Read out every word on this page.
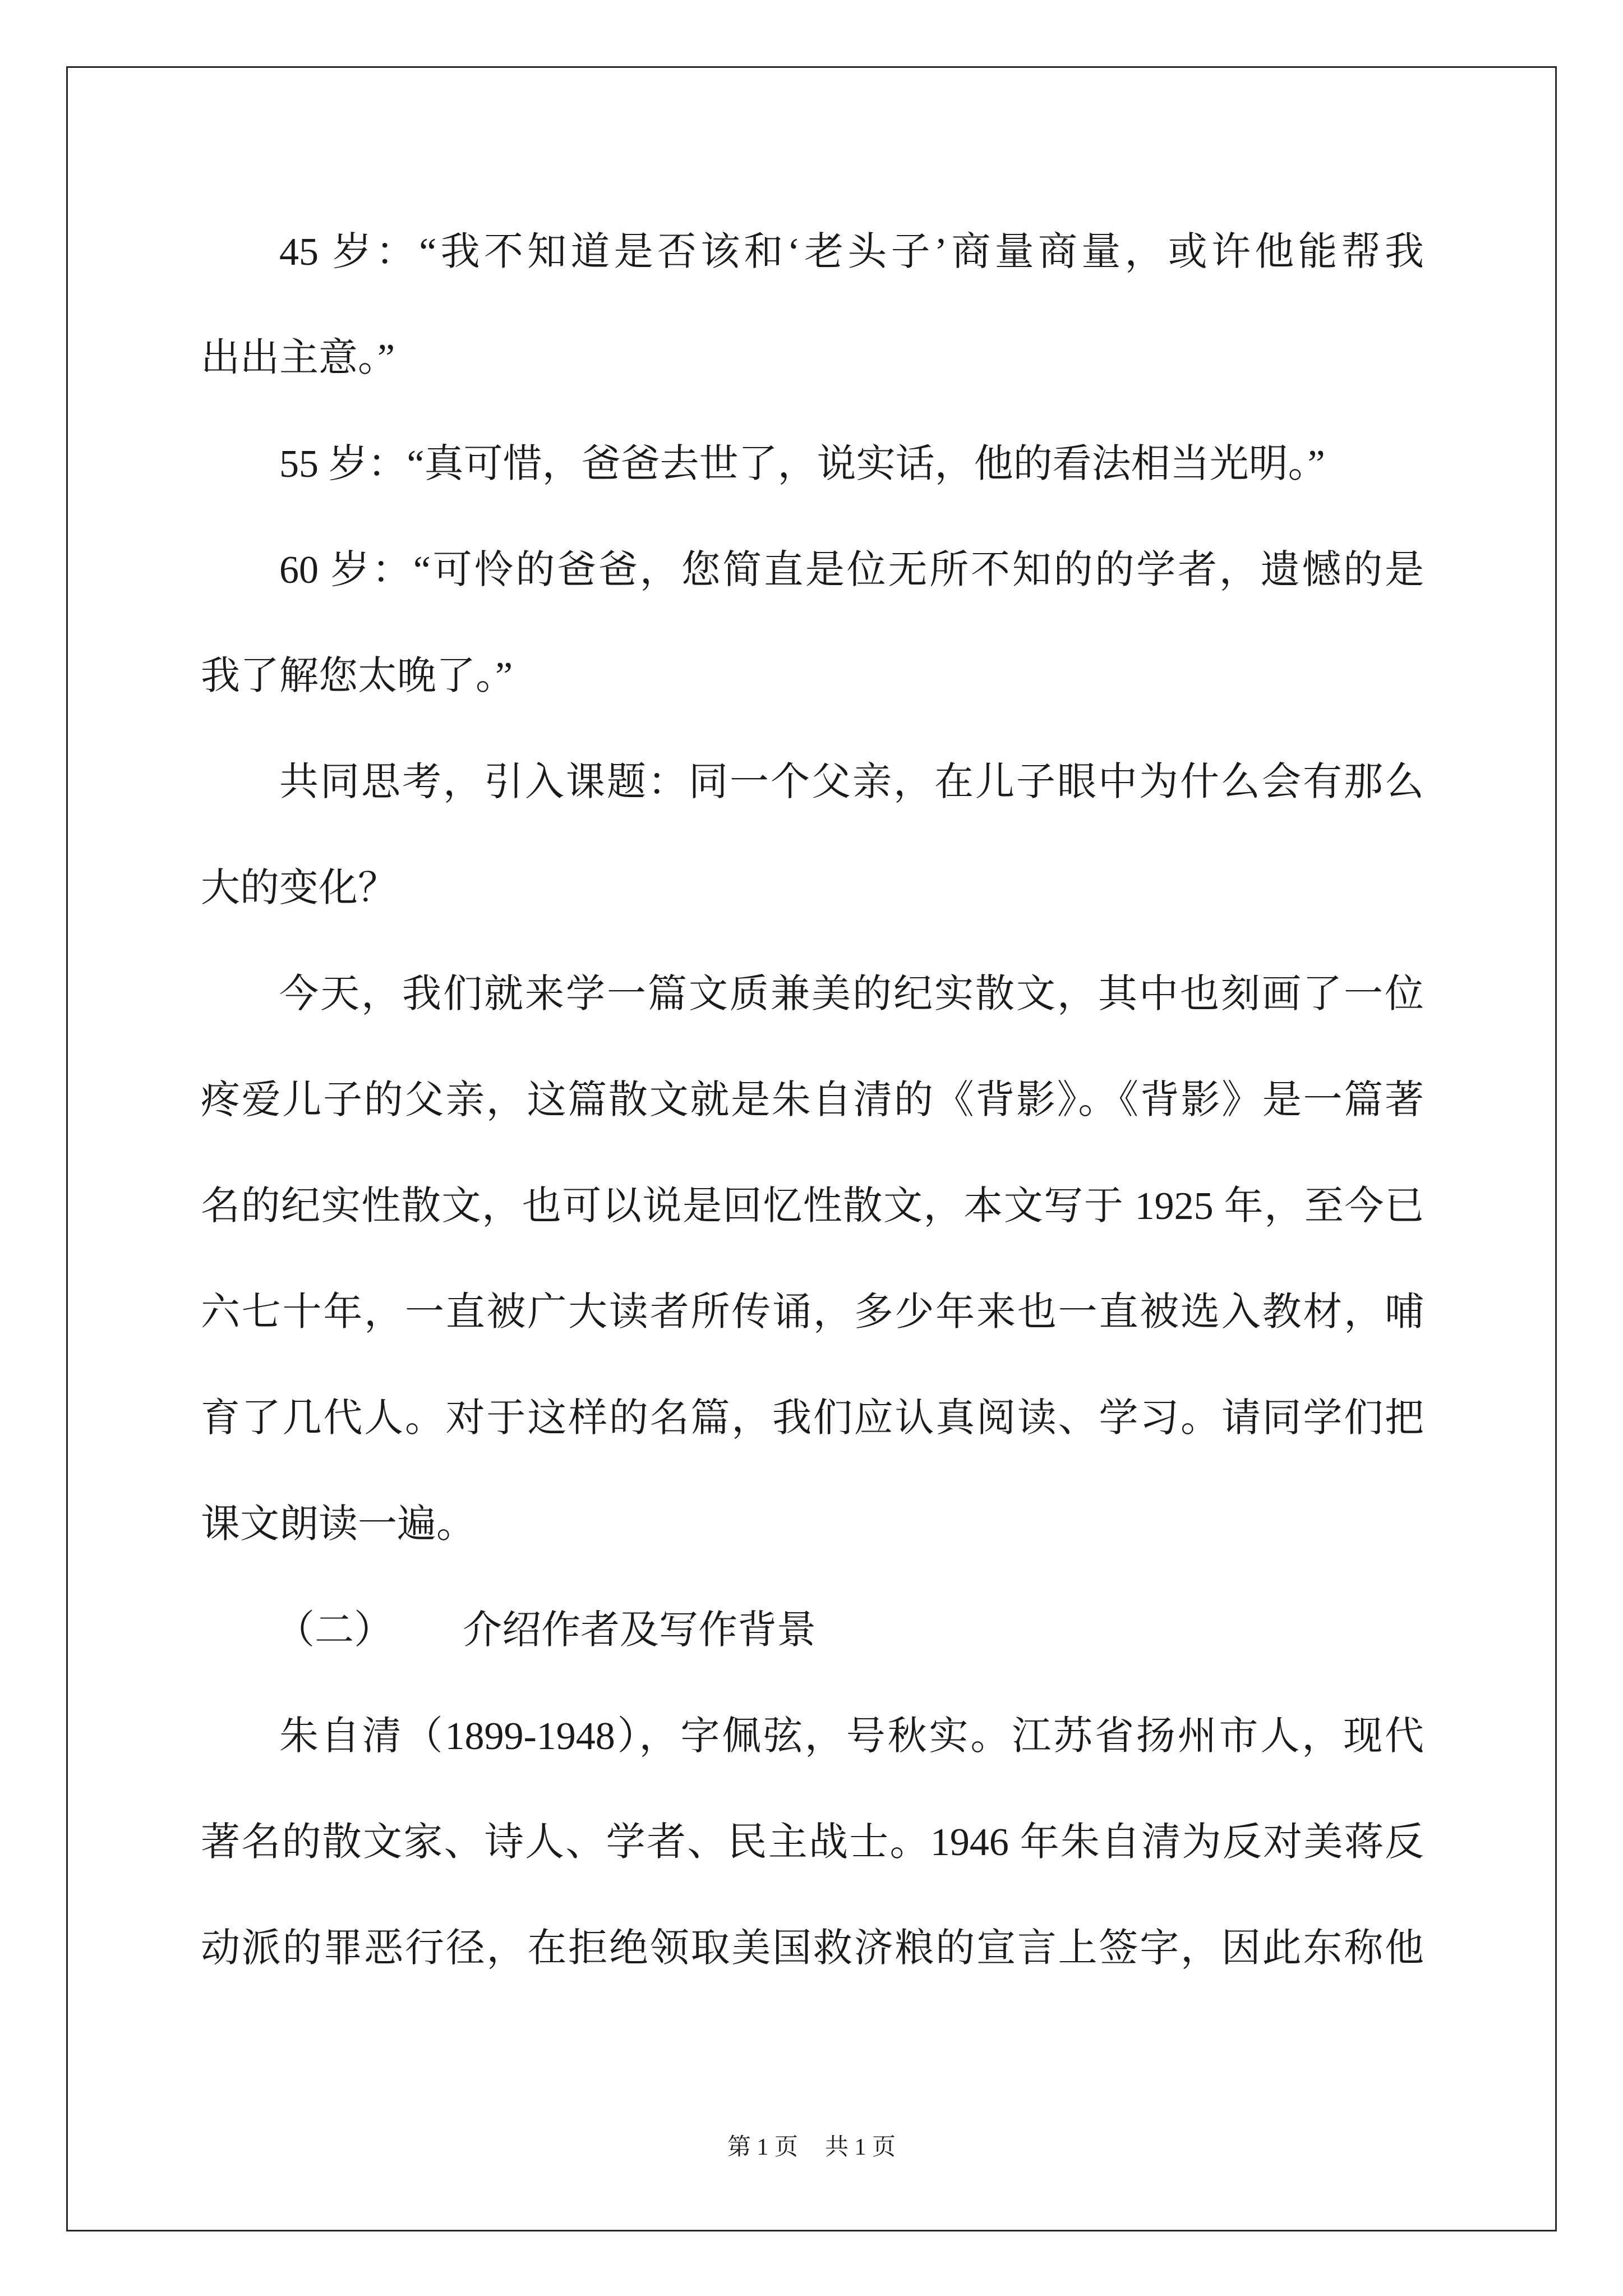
45 岁：“我不知道是否该和‘老头子’商量商量，或许他能帮我
出出主意。”
55 岁：“真可惜，爸爸去世了，说实话，他的看法相当光明。”
60 岁：“可怜的爸爸，您简直是位无所不知的的学者，遗憾的是
我了解您太晚了。”
共同思考，引入课题：同一个父亲，在儿子眼中为什么会有那么
大的变化？
今天，我们就来学一篇文质兼美的纪实散文，其中也刻画了一位
疼爱儿子的父亲，这篇散文就是朱自清的《背影》。《背影》是一篇著
名的纪实性散文，也可以说是回忆性散文，本文写于 1925 年，至今已
六七十年，一直被广大读者所传诵，多少年来也一直被选入教材，哺
育了几代人。对于这样的名篇，我们应认真阅读、学习。请同学们把
课文朗读一遍。
（二） 介绍作者及写作背景
朱自清（1899-1948），字佩弦，号秋实。江苏省扬州市人，现代
著名的散文家、诗人、学者、民主战士。1946 年朱自清为反对美蒋反
动派的罪恶行径，在拒绝领取美国救济粮的宣言上签字，因此东称他
第 1 页 共 1 页
